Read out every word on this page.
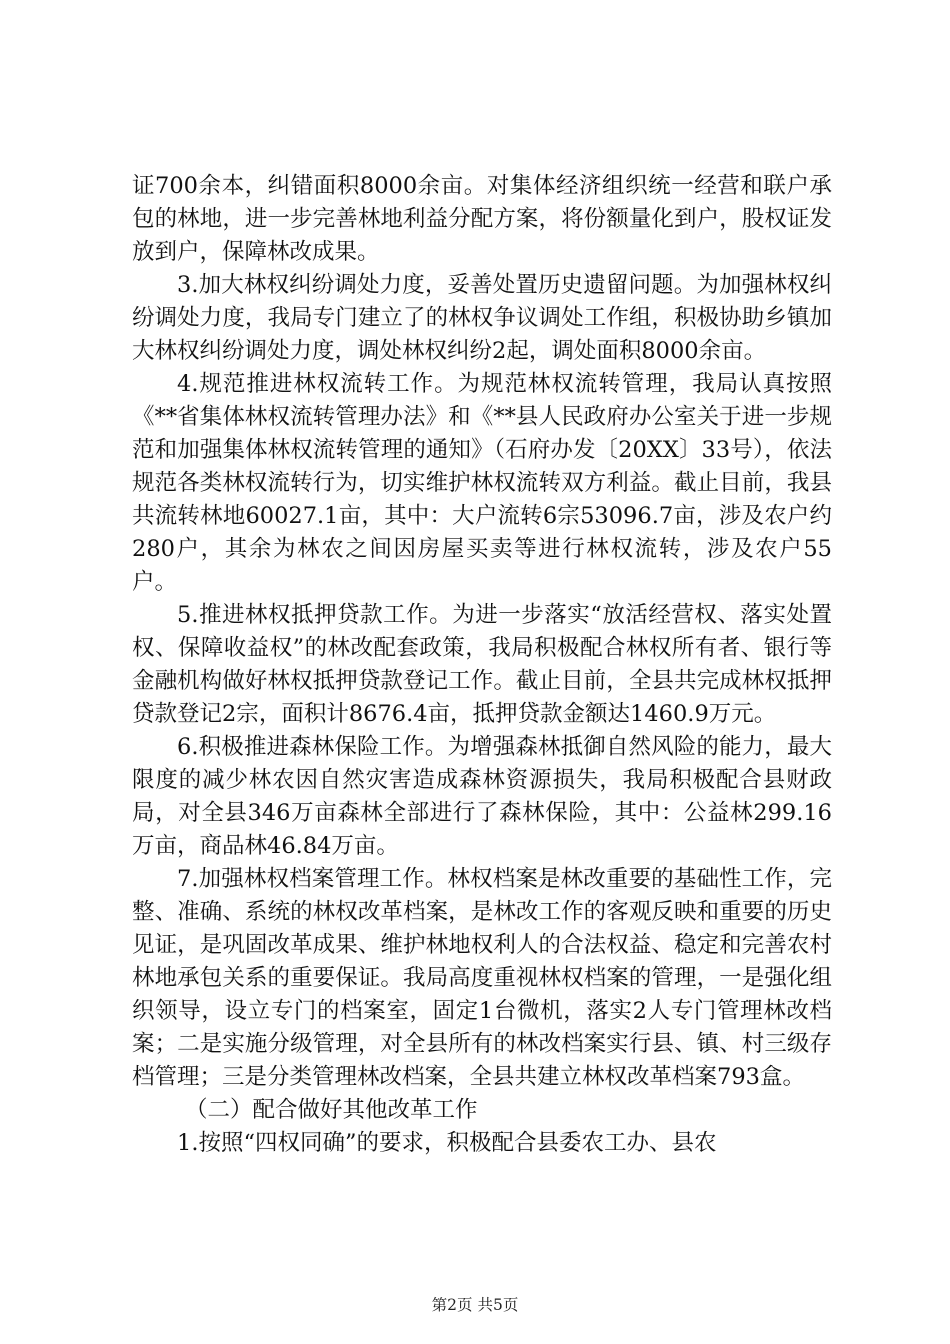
证700余本，纠错面积8000余亩。对集体经济组织统一经营和联户承包的林地，进一步完善林地利益分配方案，将份额量化到户，股权证发放到户，保障林改成果。

3.加大林权纠纷调处力度，妥善处置历史遗留问题。为加强林权纠纷调处力度，我局专门建立了的林权争议调处工作组，积极协助乡镇加大林权纠纷调处力度，调处林权纠纷2起，调处面积8000余亩。

4.规范推进林权流转工作。为规范林权流转管理，我局认真按照《**省集体林权流转管理办法》和《**县人民政府办公室关于进一步规范和加强集体林权流转管理的通知》（石府办发〔20XX〕33号），依法规范各类林权流转行为，切实维护林权流转双方利益。截止目前，我县共流转林地60027.1亩，其中：大户流转6宗53096.7亩，涉及农户约280户，其余为林农之间因房屋买卖等进行林权流转，涉及农户55户。

5.推进林权抵押贷款工作。为进一步落实“放活经营权、落实处置权、保障收益权”的林改配套政策，我局积极配合林权所有者、银行等金融机构做好林权抵押贷款登记工作。截止目前，全县共完成林权抵押贷款登记2宗，面积计8676.4亩，抵押贷款金额达1460.9万元。

6.积极推进森林保险工作。为增强森林抵御自然风险的能力，最大限度的减少林农因自然灾害造成森林资源损失，我局积极配合县财政局，对全县346万亩森林全部进行了森林保险，其中：公益林299.16万亩，商品林46.84万亩。

7.加强林权档案管理工作。林权档案是林改重要的基础性工作，完整、准确、系统的林权改革档案，是林改工作的客观反映和重要的历史见证，是巩固改革成果、维护林地权利人的合法权益、稳定和完善农村林地承包关系的重要保证。我局高度重视林权档案的管理，一是强化组织领导，设立专门的档案室，固定1台微机，落实2人专门管理林改档案；二是实施分级管理，对全县所有的林改档案实行县、镇、村三级存档管理；三是分类管理林改档案，全县共建立林权改革档案793盒。

（二）配合做好其他改革工作

1.按照“四权同确”的要求，积极配合县委农工办、县农

第2页 共5页
